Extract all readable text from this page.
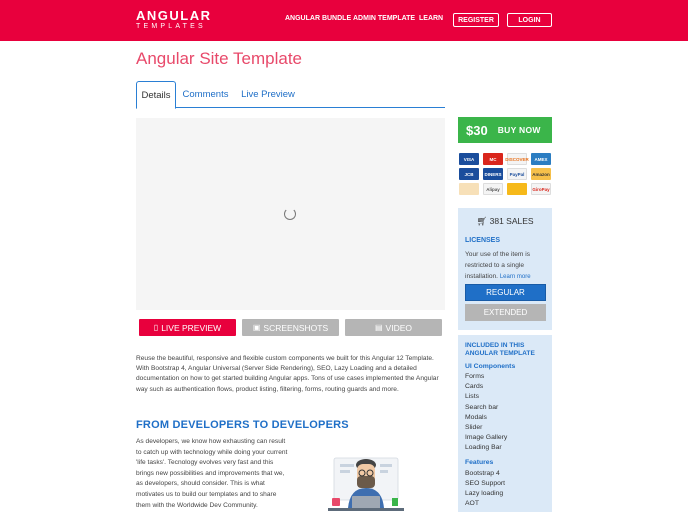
ANGULAR
TEMPLATES
ANGULAR BUNDLE ADMIN TEMPLATE LEARN	REGISTER	LOGIN
Angular Site Template
Details	Comments	Live Preview
▯ LIVE PREVIEW	▣ SCREENSHOTS	▤ VIDEO

Reuse the beautiful, responsive and flexible custom components we built for this Angular 12 Template. With Bootstrap 4, Angular Universal (Server Side Rendering), SEO, Lazy Loading and a detailed documentation on how to get started building Angular apps. Tons of use cases implemented the Angular way such as authentication flows, product listing, filtering, forms, routing guards and more.

FROM DEVELOPERS TO DEVELOPERS

As developers, we know how exhausting can result to catch up with technology while doing your current 'life tasks'. Tecnology evolves very fast and this brings new possibilities and improvements that we, as developers, should consider. This is what motivates us to build our templates and to share them with the Worldwide Dev Community.

$30 BUY NOW
VISA	MC	DISCOVER	AMEX
JCB	DINERS	PayPal	Amazon
Alipay	GiroPay
🛒︎ 381 SALES
LICENSES
Your use of the item is restricted to a single installation. Learn more
REGULAR
EXTENDED
INCLUDED IN THIS ANGULAR TEMPLATE
UI Components
Forms
Cards
Lists
Search bar
Modals
Slider
Image Gallery
Loading Bar
Features
Bootstrap 4
SEO Support
Lazy loading
AOT
